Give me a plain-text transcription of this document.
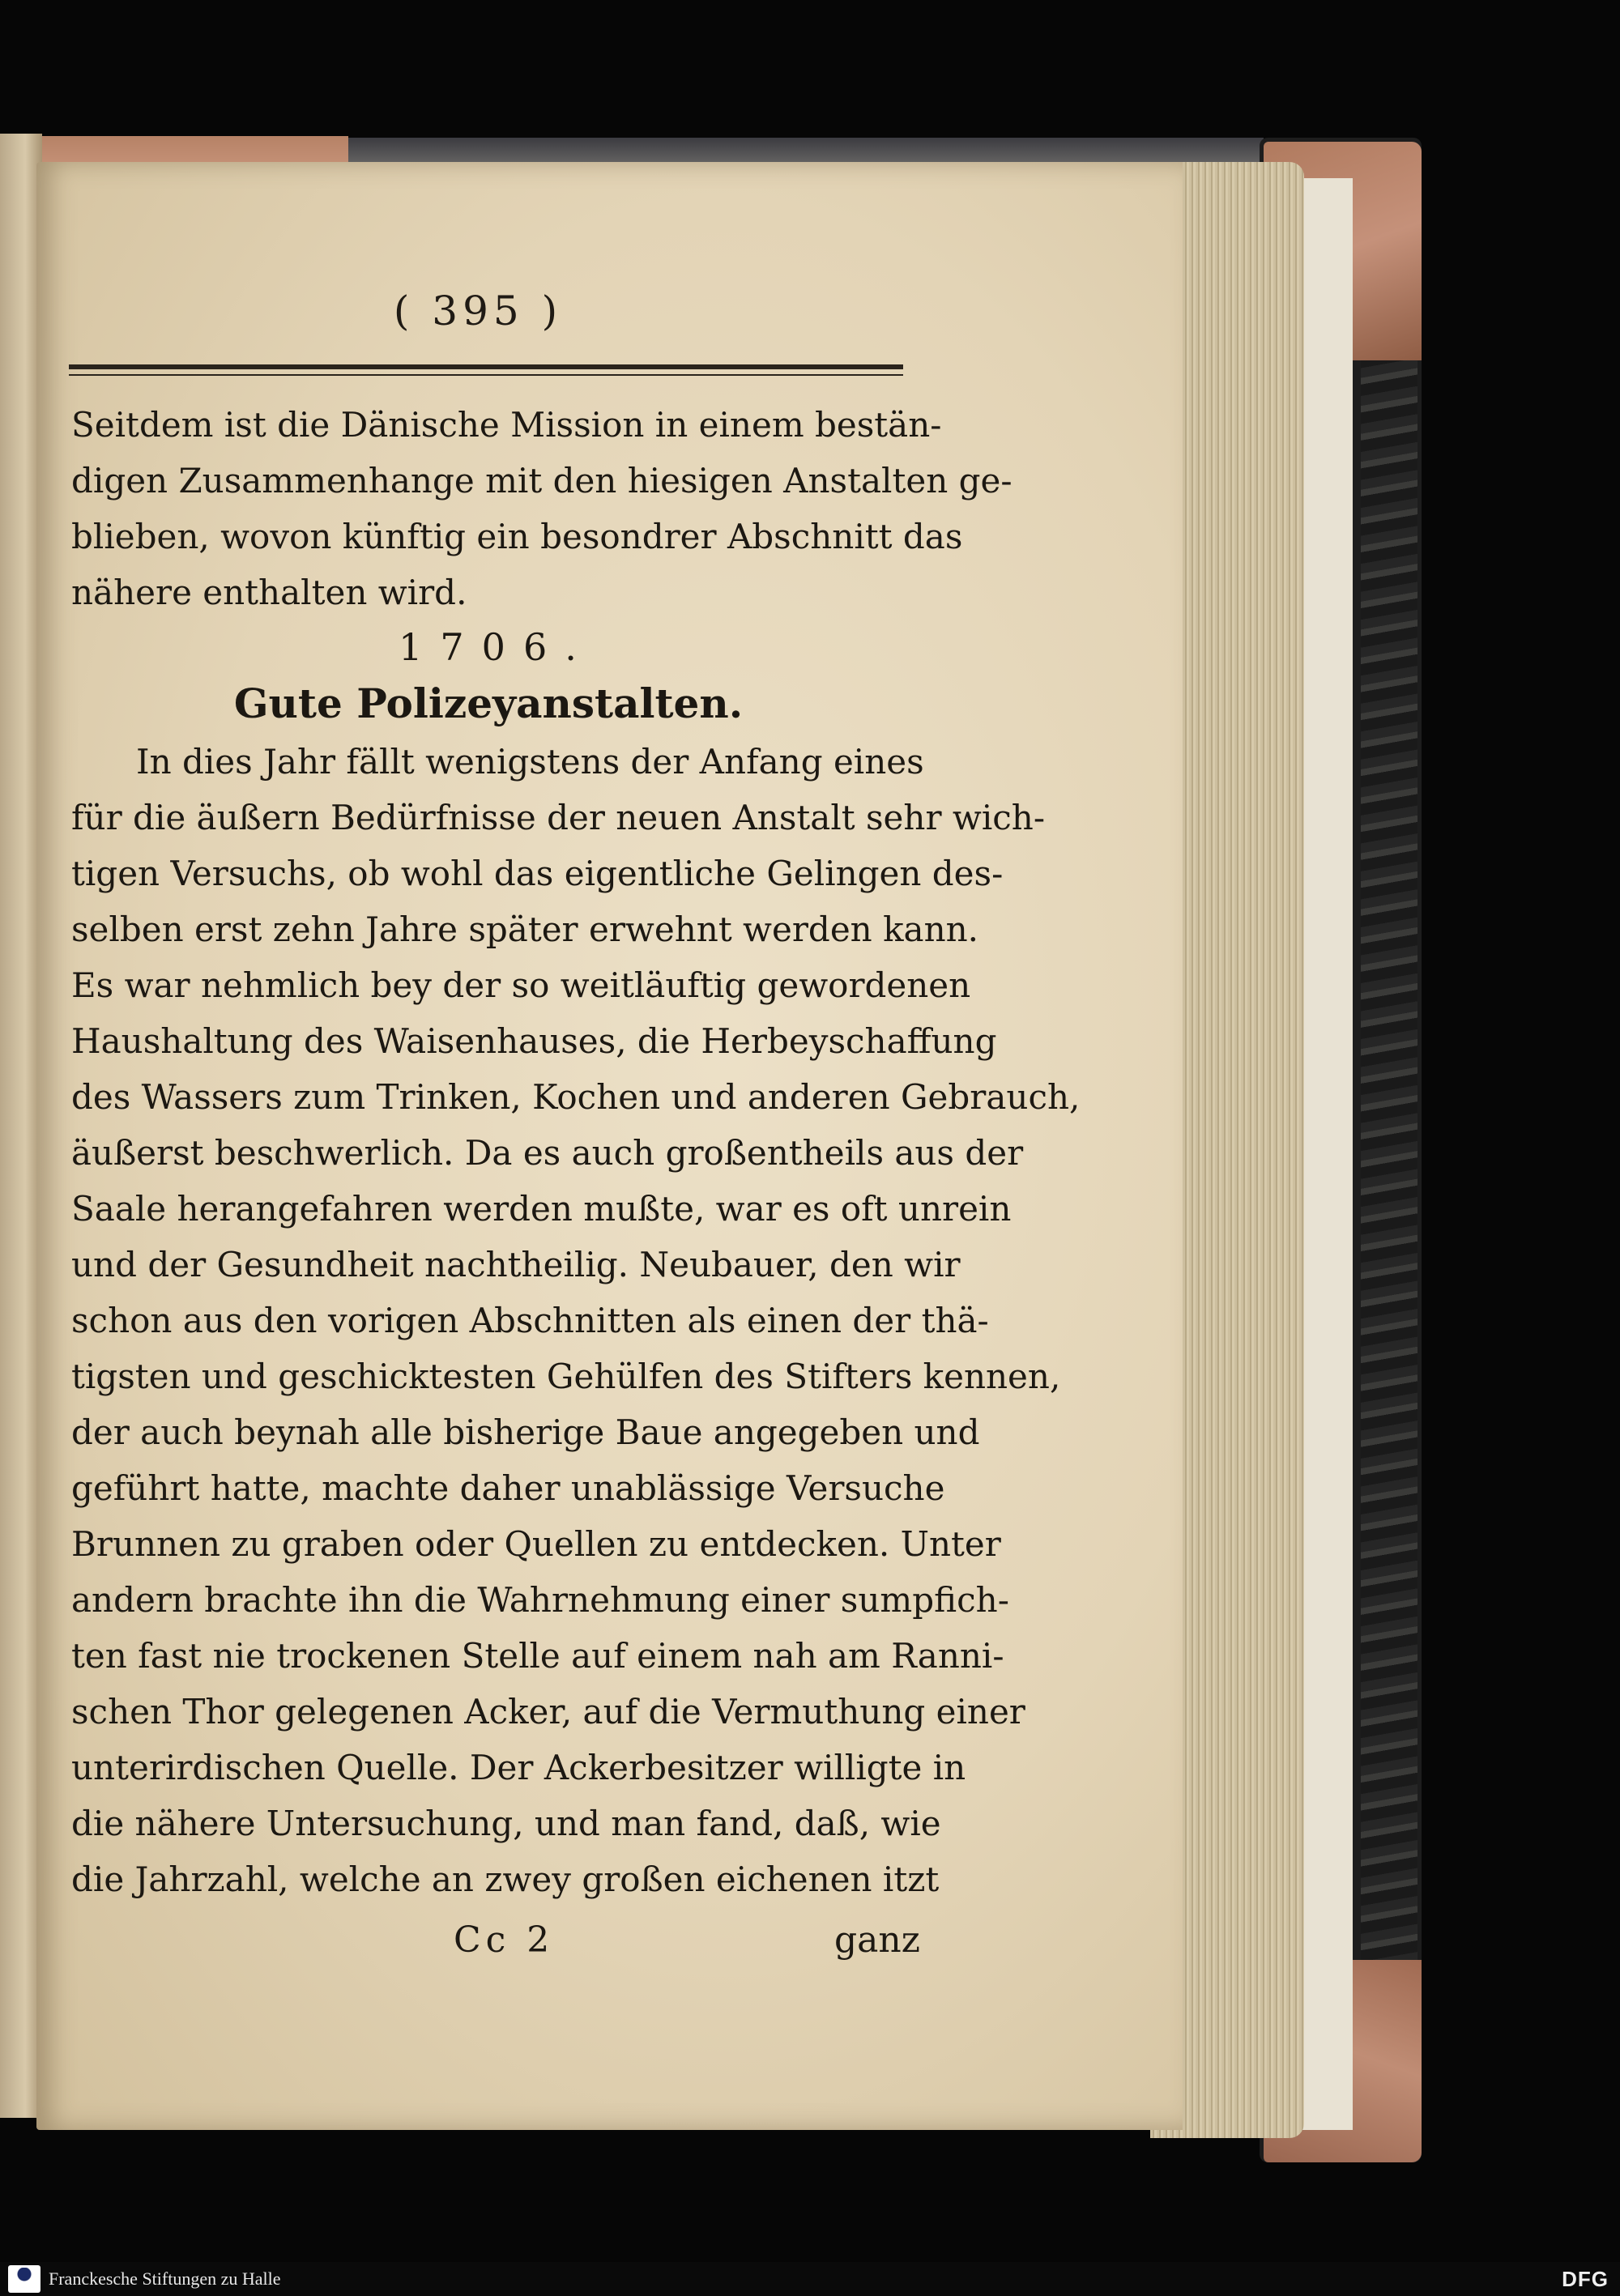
( 395 )
Seitdem ist die Dänische Mission in einem bestän-
digen Zusammenhange mit den hiesigen Anstalten ge-
blieben, wovon künftig ein besondrer Abschnitt das
nähere enthalten wird.
1706.
Gute Polizeyanstalten.
In dies Jahr fällt wenigstens der Anfang eines
für die äußern Bedürfnisse der neuen Anstalt sehr wich-
tigen Versuchs, ob wohl das eigentliche Gelingen des-
selben erst zehn Jahre später erwehnt werden kann.
Es war nehmlich bey der so weitläuftig gewordenen
Haushaltung des Waisenhauses, die Herbeyschaffung
des Wassers zum Trinken, Kochen und anderen Gebrauch,
äußerst beschwerlich. Da es auch großentheils aus der
Saale herangefahren werden mußte, war es oft unrein
und der Gesundheit nachtheilig. Neubauer, den wir
schon aus den vorigen Abschnitten als einen der thä-
tigsten und geschicktesten Gehülfen des Stifters kennen,
der auch beynah alle bisherige Baue angegeben und
geführt hatte, machte daher unablässige Versuche
Brunnen zu graben oder Quellen zu entdecken. Unter
andern brachte ihn die Wahrnehmung einer sumpfich-
ten fast nie trockenen Stelle auf einem nah am Ranni-
schen Thor gelegenen Acker, auf die Vermuthung einer
unterirdischen Quelle. Der Ackerbesitzer willigte in
die nähere Untersuchung, und man fand, daß, wie
die Jahrzahl, welche an zwey großen eichenen itzt
Cc 2	ganz
Franckesche Stiftungen zu Halle	DFG
